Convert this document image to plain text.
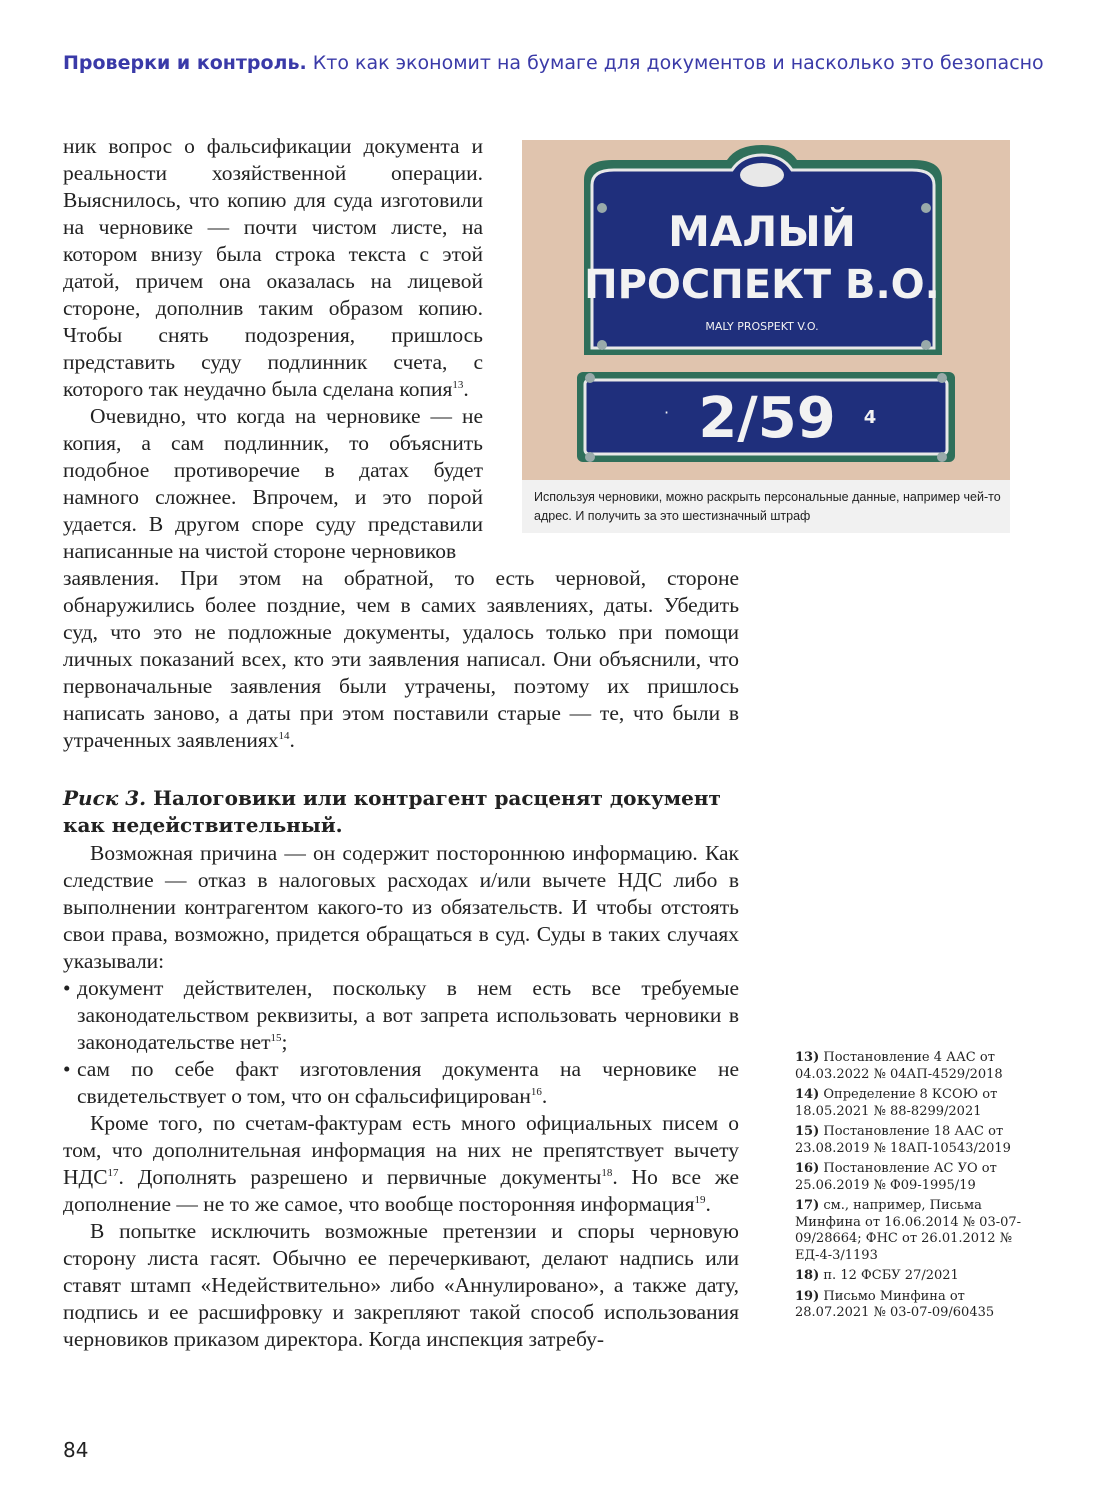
Проверки и контроль. Кто как экономит на бумаге для документов и насколько это безопасно

ник вопрос о фальсификации документа и реальности хозяйственной операции. Выяснилось, что копию для суда изготовили на черновике — почти чистом листе, на котором внизу была строка текста с этой датой, причем она оказалась на лицевой стороне, дополнив таким образом копию. Чтобы снять подозрения, пришлось представить суду подлинник счета, с которого так неудачно была сделана копия$^{13}$.

Очевидно, что когда на черновике — не копия, а сам подлинник, то объяснить подобное противоречие в датах будет намного сложнее. Впрочем, и это порой удается. В другом споре суду представили написанные на чистой стороне черновиков

МАЛЫЙ
ПРОСПЕКТ В.О.
MALY PROSPEKT V.O.
· 2/59 4
Используя черновики, можно раскрыть персональные данные, например чей-то адрес. И получить за это шестизначный штраф

заявления. При этом на обратной, то есть черновой, стороне обнаружились более поздние, чем в самих заявлениях, даты. Убедить суд, что это не подложные документы, удалось только при помощи личных показаний всех, кто эти заявления написал. Они объяснили, что первоначальные заявления были утрачены, поэтому их пришлось написать заново, а даты при этом поставили старые — те, что были в утраченных заявлениях$^{14}$.

Риск 3. Налоговики или контрагент расценят документ как недействительный.

Возможная причина — он содержит постороннюю информацию. Как следствие — отказ в налоговых расходах и/или вычете НДС либо в выполнении контрагентом какого-то из обязательств. И чтобы отстоять свои права, возможно, придется обращаться в суд. Суды в таких случаях указывали:

• документ действителен, поскольку в нем есть все требуемые законодательством реквизиты, а вот запрета использовать черновики в законодательстве нет$^{15}$;
• сам по себе факт изготовления документа на черновике не свидетельствует о том, что он сфальсифицирован$^{16}$.

Кроме того, по счетам-фактурам есть много официальных писем о том, что дополнительная информация на них не препятствует вычету НДС$^{17}$. Дополнять разрешено и первичные документы$^{18}$. Но все же дополнение — не то же самое, что вообще посторонняя информация$^{19}$.

В попытке исключить возможные претензии и споры черновую сторону листа гасят. Обычно ее перечеркивают, делают надпись или ставят штамп «Недействительно» либо «Аннулировано», а также дату, подпись и ее расшифровку и закрепляют такой способ использования черновиков приказом директора. Когда инспекция затребу-

13) Постановление 4 ААС от 04.03.2022 № 04АП-4529/2018
14) Определение 8 КСОЮ от 18.05.2021 № 88-8299/2021
15) Постановление 18 ААС от 23.08.2019 № 18АП-10543/2019
16) Постановление АС УО от 25.06.2019 № Ф09-1995/19
17) см., например, Письма Минфина от 16.06.2014 № 03-07-09/28664; ФНС от 26.01.2012 № ЕД-4-3/1193
18) п. 12 ФСБУ 27/2021
19) Письмо Минфина от 28.07.2021 № 03-07-09/60435
84
